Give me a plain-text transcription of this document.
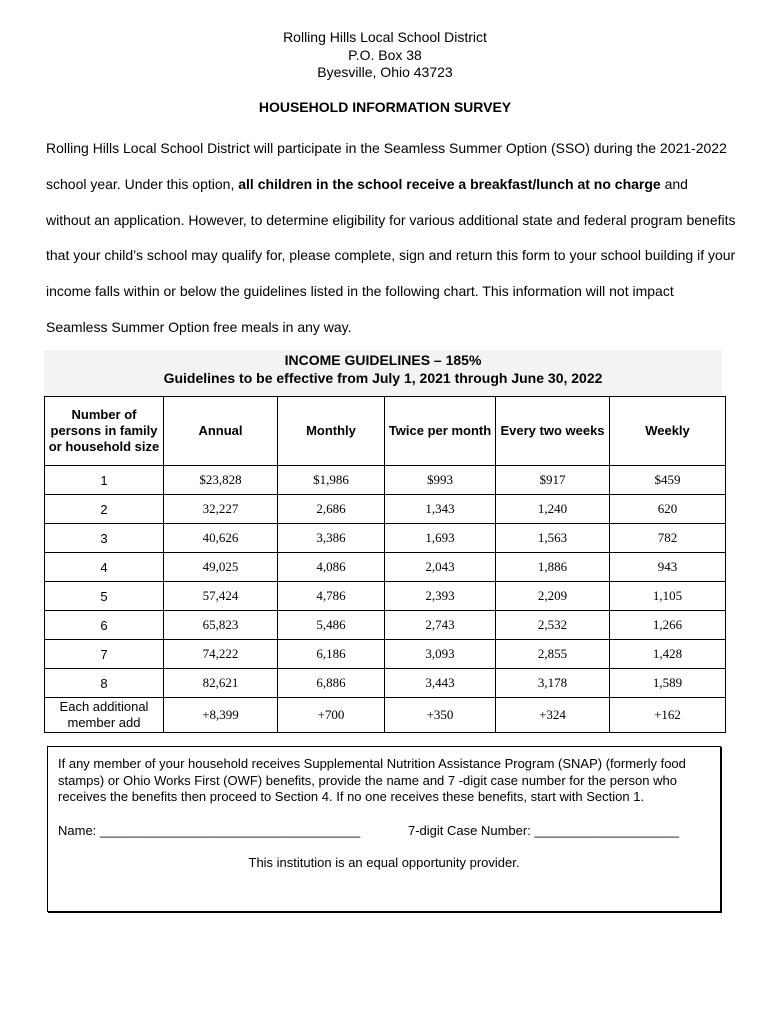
Rolling Hills Local School District
P.O. Box 38
Byesville, Ohio 43723
HOUSEHOLD INFORMATION SURVEY
Rolling Hills Local School District will participate in the Seamless Summer Option (SSO) during the 2021-2022 school year. Under this option, all children in the school receive a breakfast/lunch at no charge and without an application. However, to determine eligibility for various additional state and federal program benefits that your child’s school may qualify for, please complete, sign and return this form to your school building if your income falls within or below the guidelines listed in the following chart. This information will not impact Seamless Summer Option free meals in any way.
INCOME GUIDELINES – 185%
Guidelines to be effective from July 1, 2021 through June 30, 2022
Number of persons in family or household size	Annual	Monthly	Twice per month	Every two weeks	Weekly
1	$23,828	$1,986	$993	$917	$459
2	32,227	2,686	1,343	1,240	620
3	40,626	3,386	1,693	1,563	782
4	49,025	4,086	2,043	1,886	943
5	57,424	4,786	2,393	2,209	1,105
6	65,823	5,486	2,743	2,532	1,266
7	74,222	6,186	3,093	2,855	1,428
8	82,621	6,886	3,443	3,178	1,589
Each additional member add	+8,399	+700	+350	+324	+162
If any member of your household receives Supplemental Nutrition Assistance Program (SNAP) (formerly food stamps) or Ohio Works First (OWF) benefits, provide the name and 7 -digit case number for the person who receives the benefits then proceed to Section 4. If no one receives these benefits, start with Section 1.
Name: ____________________________________	7-digit Case Number: ____________________
This institution is an equal opportunity provider.
